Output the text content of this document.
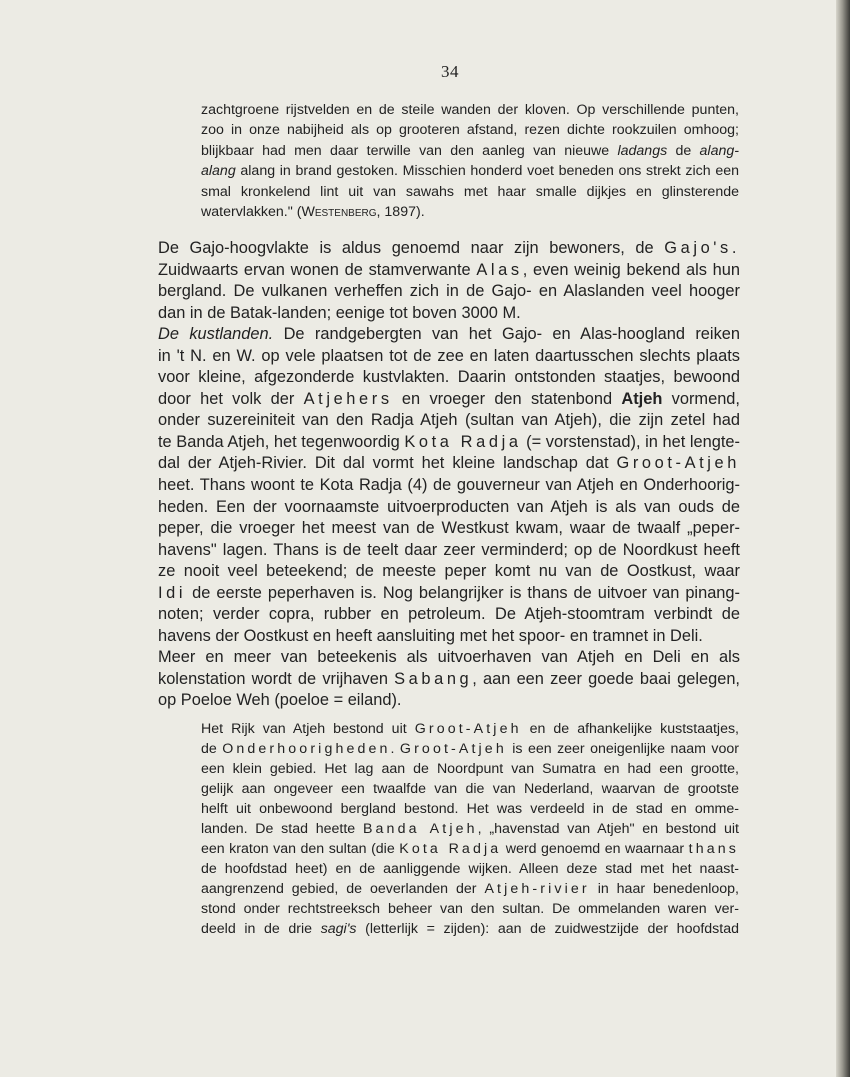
34
zachtgroene rijstvelden en de steile wanden der kloven. Op verschillende punten,
zoo in onze nabijheid als op grooteren afstand, rezen dichte rookzuilen omhoog;
blijkbaar had men daar terwille van den aanleg van nieuwe ladangs de alang-
alang alang in brand gestoken. Misschien honderd voet beneden ons strekt zich een
smal kronkelend lint uit van sawahs met haar smalle dijkjes en glinsterende
watervlakken." (Westenberg, 1897).

De Gajo-hoogvlakte is aldus genoemd naar zijn bewoners, de Gajo's.
Zuidwaarts ervan wonen de stamverwante Alas, even weinig bekend als hun
bergland. De vulkanen verheffen zich in de Gajo- en Alaslanden veel hooger
dan in de Batak-landen; eenige tot boven 3000 M.

De kustlanden. De randgebergten van het Gajo- en Alas-hoogland reiken
in 't N. en W. op vele plaatsen tot de zee en laten daartusschen slechts plaats
voor kleine, afgezonderde kustvlakten. Daarin ontstonden staatjes, bewoond
door het volk der Atjehers en vroeger den statenbond Atjeh vormend,
onder suzereiniteit van den Radja Atjeh (sultan van Atjeh), die zijn zetel had
te Banda Atjeh, het tegenwoordig Kota Radja (= vorstenstad), in het lengte-
dal der Atjeh-Rivier. Dit dal vormt het kleine landschap dat Groot-Atjeh
heet. Thans woont te Kota Radja (4) de gouverneur van Atjeh en Onderhoorig-
heden. Een der voornaamste uitvoerproducten van Atjeh is als van ouds de
peper, die vroeger het meest van de Westkust kwam, waar de twaalf „peper-
havens" lagen. Thans is de teelt daar zeer verminderd; op de Noordkust heeft
ze nooit veel beteekend; de meeste peper komt nu van de Oostkust, waar
Idi de eerste peperhaven is. Nog belangrijker is thans de uitvoer van pinang-
noten; verder copra, rubber en petroleum. De Atjeh-stoomtram verbindt de
havens der Oostkust en heeft aansluiting met het spoor- en tramnet in Deli.

Meer en meer van beteekenis als uitvoerhaven van Atjeh en Deli en als
kolenstation wordt de vrijhaven Sabang, aan een zeer goede baai gelegen,
op Poeloe Weh (poeloe = eiland).

Het Rijk van Atjeh bestond uit Groot-Atjeh en de afhankelijke kuststaatjes,
de Onderhoorigheden. Groot-Atjeh is een zeer oneigenlijke naam voor
een klein gebied. Het lag aan de Noordpunt van Sumatra en had een grootte,
gelijk aan ongeveer een twaalfde van die van Nederland, waarvan de grootste
helft uit onbewoond bergland bestond. Het was verdeeld in de stad en omme-
landen. De stad heette Banda Atjeh, „havenstad van Atjeh" en bestond uit
een kraton van den sultan (die Kota Radja werd genoemd en waarnaar thans
de hoofdstad heet) en de aanliggende wijken. Alleen deze stad met het naast-
aangrenzend gebied, de oeverlanden der Atjeh-rivier in haar benedenloop,
stond onder rechtstreeksch beheer van den sultan. De ommelanden waren ver-
deeld in de drie sagi's (letterlijk = zijden): aan de zuidwestzijde der hoofdstad
